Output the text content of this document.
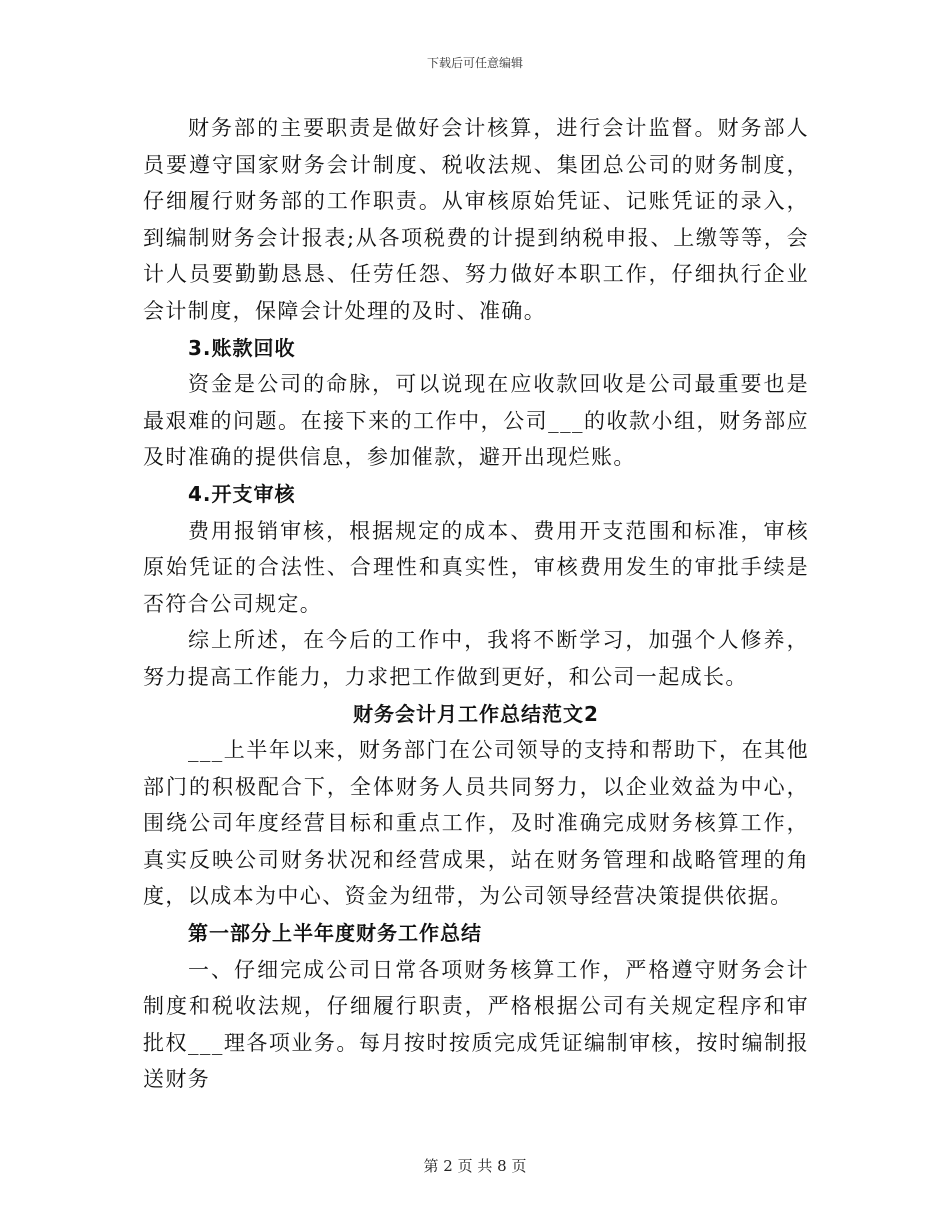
下载后可任意编辑

财务部的主要职责是做好会计核算，进行会计监督。财务部人员要遵守国家财务会计制度、税收法规、集团总公司的财务制度，仔细履行财务部的工作职责。从审核原始凭证、记账凭证的录入，到编制财务会计报表;从各项税费的计提到纳税申报、上缴等等，会计人员要勤勤恳恳、任劳任怨、努力做好本职工作，仔细执行企业会计制度，保障会计处理的及时、准确。

3.账款回收

资金是公司的命脉，可以说现在应收款回收是公司最重要也是最艰难的问题。在接下来的工作中，公司___的收款小组，财务部应及时准确的提供信息，参加催款，避开出现烂账。

4.开支审核

费用报销审核，根据规定的成本、费用开支范围和标准，审核原始凭证的合法性、合理性和真实性，审核费用发生的审批手续是否符合公司规定。

综上所述，在今后的工作中，我将不断学习，加强个人修养，努力提高工作能力，力求把工作做到更好，和公司一起成长。

财务会计月工作总结范文2

___上半年以来，财务部门在公司领导的支持和帮助下，在其他部门的积极配合下，全体财务人员共同努力，以企业效益为中心，围绕公司年度经营目标和重点工作，及时准确完成财务核算工作，真实反映公司财务状况和经营成果，站在财务管理和战略管理的角度，以成本为中心、资金为纽带，为公司领导经营决策提供依据。

第一部分上半年度财务工作总结

一、仔细完成公司日常各项财务核算工作，严格遵守财务会计制度和税收法规，仔细履行职责，严格根据公司有关规定程序和审批权___理各项业务。每月按时按质完成凭证编制审核，按时编制报送财务

第 2 页 共 8 页
